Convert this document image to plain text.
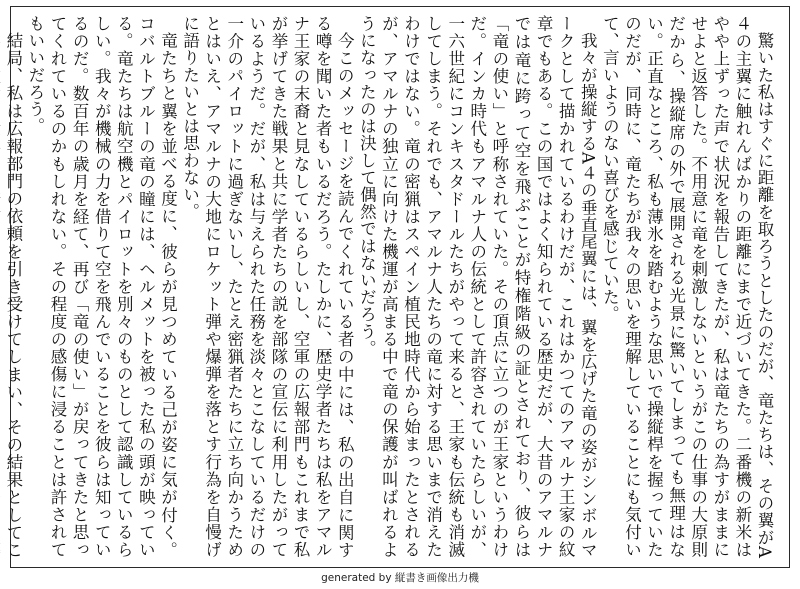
驚いた私はすぐに距離を取ろうとしたのだが、竜たちは、その翼がA４の主翼に触れんばかりの距離にまで近づいてきた。二番機の新米はやや上ずった声で状況を報告してきたが、私は竜たちの為すがままにせよと返答した。不用意に竜を刺激しないというがこの仕事の大原則だから、操縦席の外で展開される光景に驚いてしまっても無理はない。正直なところ、私も薄氷を踏むような思いで操縦桿を握っていたのだが、同時に、竜たちが我々の思いを理解していることにも気付いて、言いようのない喜びを感じていた。

我々が操縦するA４の垂直尾翼には、翼を広げた竜の姿がシンボルマークとして描かれているわけだが、これはかつてのアマルナ王家の紋章でもある。この国ではよく知られている歴史だが、大昔のアマルナでは竜に跨って空を飛ぶことが特権階級の証とされており、彼らは「竜の使い」と呼称されていた。その頂点に立つのが王家というわけだ。インカ時代もアマルナ人の伝統として許容されていたらしいが、一六世紀にコンキスタドールたちがやって来ると、王家も伝統も消滅してしまう。それでも、アマルナ人たちの竜に対する思いまで消えたわけではない。竜の密猟はスペイン植民地時代から始まったとされるが、アマルナの独立に向けた機運が高まる中で竜の保護が叫ばれるようになったのは決して偶然ではないだろう。

今このメッセージを読んでくれている者の中には、私の出自に関する噂を聞いた者もいるだろう。たしかに、歴史学者たちは私をアマルナ王家の末裔と見なしているらしいし、空軍の広報部門もこれまで私が挙げてきた戦果と共に学者たちの説を部隊の宣伝に利用したがっているようだ。だが、私は与えられた任務を淡々とこなしているだけの一介のパイロットに過ぎないし、たとえ密猟者たちに立ち向かうためとはいえ、アマルナの大地にロケット弾や爆弾を落とす行為を自慢げに語りたいとは思わない。

竜たちと翼を並べる度に、彼らが見つめている己が姿に気が付く。コバルトブルーの竜の瞳には、ヘルメットを被った私の頭が映っている。竜たちは航空機とパイロットを別々のものとして認識しているらしい。我々が機械の力を借りて空を飛んでいることを彼らは知っているのだ。数百年の歳月を経て、再び「竜の使い」が戻ってきたと思ってくれているのかもしれない。その程度の感傷に浸ることは許されてもいいだろう。

結局、私は広報部門の依頼を引き受けてしまい、その結果としてこ

generated by 縦書き画像出力機
